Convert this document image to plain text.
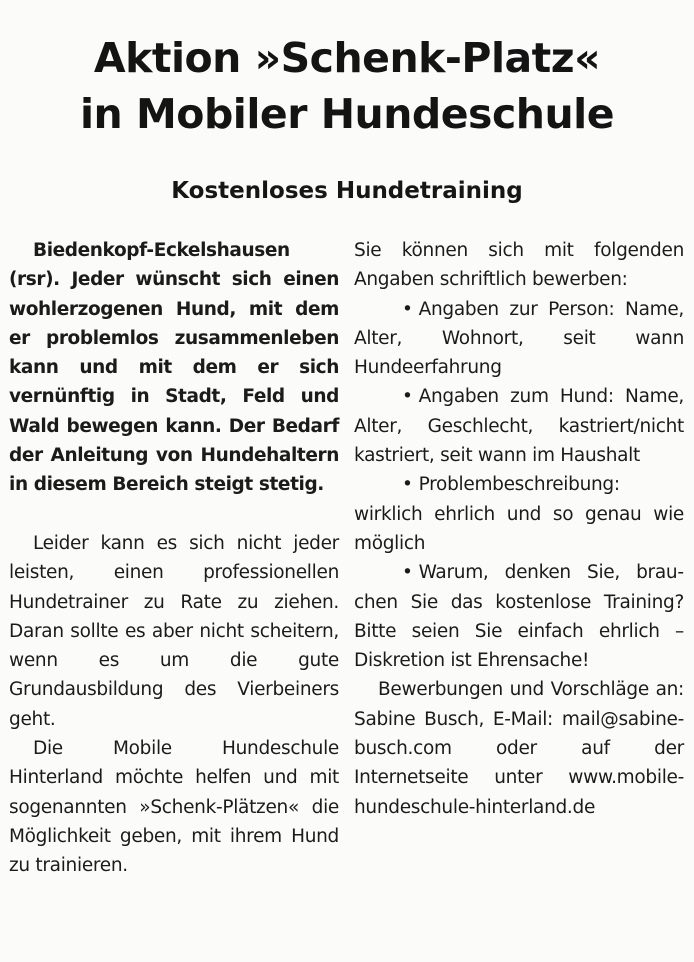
Aktion »Schenk-Platz«
in Mobiler Hundeschule
Kostenloses Hundetraining

Biedenkopf-Eckelshausen (rsr). Jeder wünscht sich einen wohlerzogenen Hund, mit dem er problemlos zusammenleben kann und mit dem er sich vernünftig in Stadt, Feld und Wald bewegen kann. Der Bedarf der Anleitung von Hundehaltern in diesem Bereich steigt stetig.

Leider kann es sich nicht jeder leisten, einen professionellen Hundetrainer zu Rate zu ziehen. Daran sollte es aber nicht scheitern, wenn es um die gute Grundausbildung des Vierbeiners geht.

Die Mobile Hundeschule Hinterland möchte helfen und mit sogenannten »Schenk-Plätzen« die Möglichkeit geben, mit ihrem Hund zu trainieren.

Sie können sich mit folgenden Angaben schriftlich bewerben:

• Angaben zur Person: Name, Alter, Wohnort, seit wann Hundeerfahrung

• Angaben zum Hund: Name, Alter, Geschlecht, kastriert/​nicht kastriert, seit wann im Haushalt

• Problembeschreibung: wirklich ehrlich und so genau wie möglich

• Warum, denken Sie, brauchen Sie das kostenlose Training? Bitte seien Sie einfach ehrlich – Diskretion ist Ehrensache!

Bewerbungen und Vorschläge an: Sabine Busch, E-Mail: mail@sabine-busch.com oder auf der Internetseite unter www.mobile-hundeschule-hinterland.de
